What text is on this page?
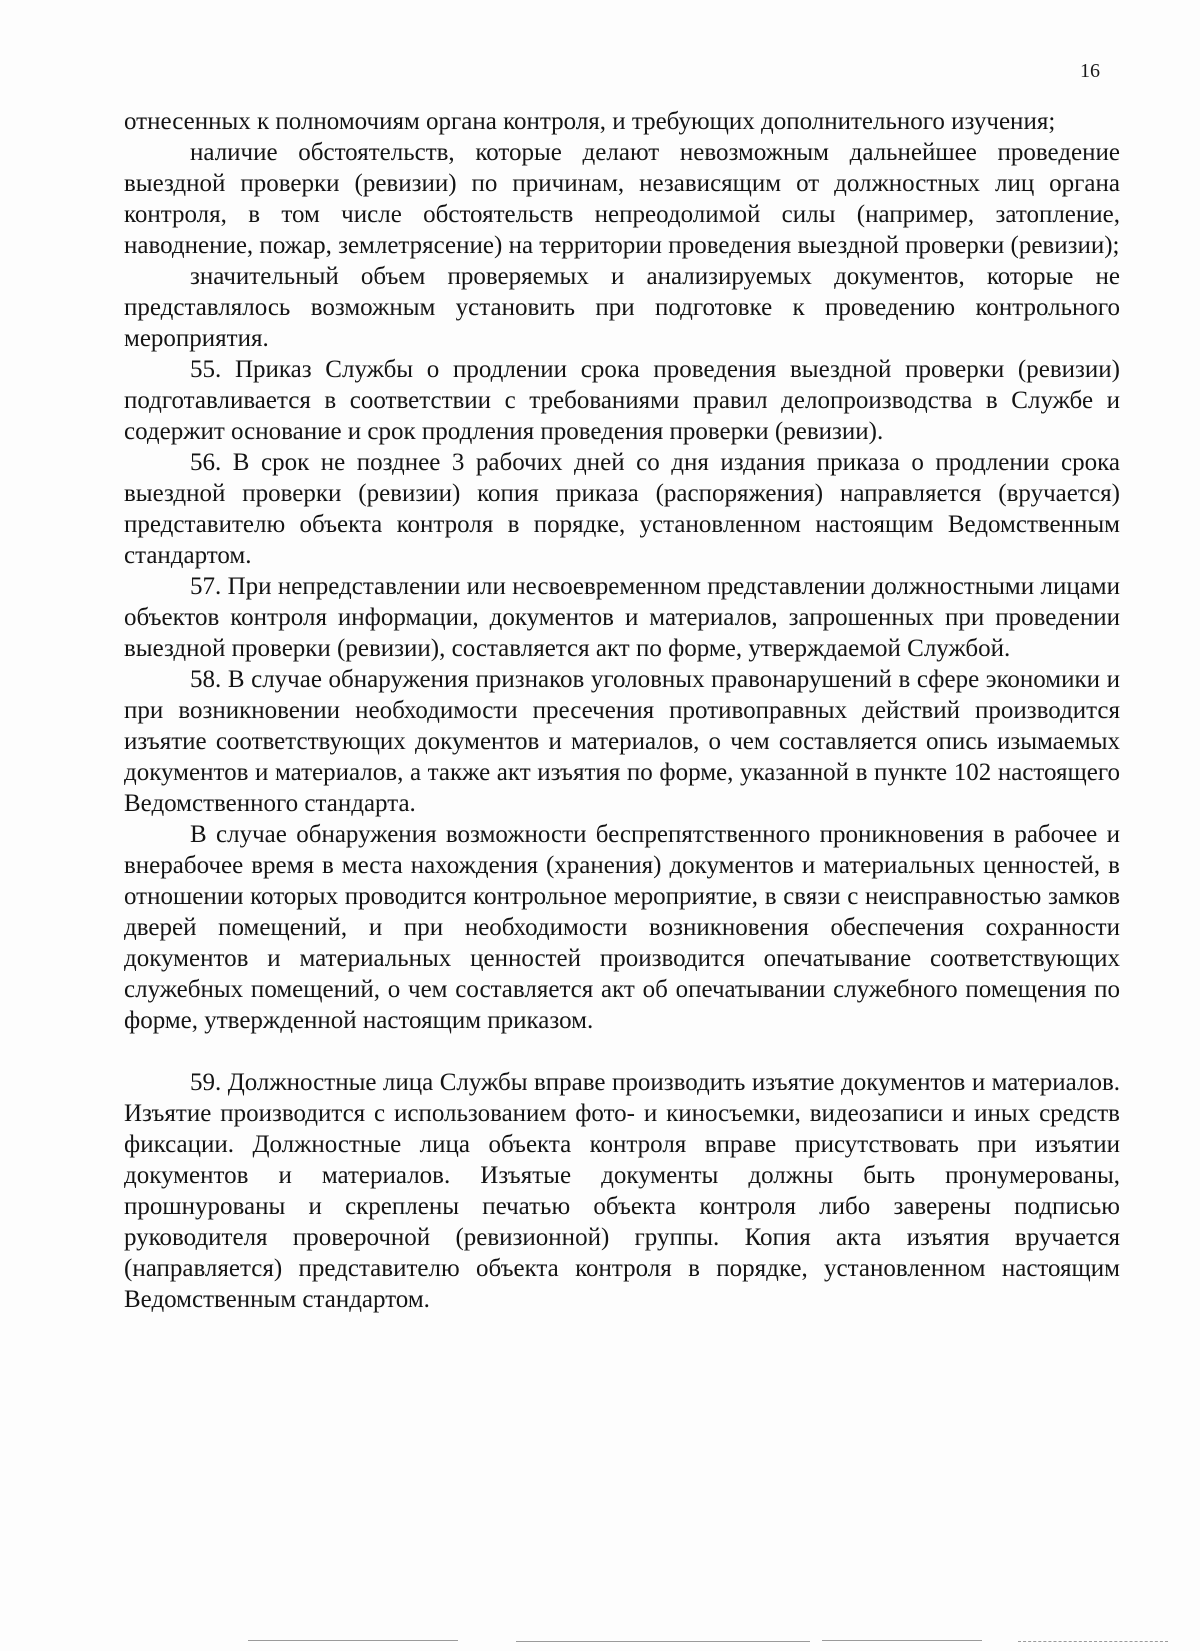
16

отнесенных к полномочиям органа контроля, и требующих дополнительного изучения;

наличие обстоятельств, которые делают невозможным дальнейшее проведение выездной проверки (ревизии) по причинам, независящим от должностных лиц органа контроля, в том числе обстоятельств непреодолимой силы (например, затопление, наводнение, пожар, землетрясение) на территории проведения выездной проверки (ревизии);

значительный объем проверяемых и анализируемых документов, которые не представлялось возможным установить при подготовке к проведению контрольного мероприятия.

55. Приказ Службы о продлении срока проведения выездной проверки (ревизии) подготавливается в соответствии с требованиями правил делопроизводства в Службе и содержит основание и срок продления проведения проверки (ревизии).

56. В срок не позднее 3 рабочих дней со дня издания приказа о продлении срока выездной проверки (ревизии) копия приказа (распоряжения) направляется (вручается) представителю объекта контроля в порядке, установленном настоящим Ведомственным стандартом.

57. При непредставлении или несвоевременном представлении должностными лицами объектов контроля информации, документов и материалов, запрошенных при проведении выездной проверки (ревизии), составляется акт по форме, утверждаемой Службой.

58. В случае обнаружения признаков уголовных правонарушений в сфере экономики и при возникновении необходимости пресечения противоправных действий производится изъятие соответствующих документов и материалов, о чем составляется опись изымаемых документов и материалов, а также акт изъятия по форме, указанной в пункте 102 настоящего Ведомственного стандарта.

В случае обнаружения возможности беспрепятственного проникновения в рабочее и внерабочее время в места нахождения (хранения) документов и материальных ценностей, в отношении которых проводится контрольное мероприятие, в связи с неисправностью замков дверей помещений, и при необходимости возникновения обеспечения сохранности документов и материальных ценностей производится опечатывание соответствующих служебных помещений, о чем составляется акт об опечатывании служебного помещения по форме, утвержденной настоящим приказом.

59. Должностные лица Службы вправе производить изъятие документов и материалов. Изъятие производится с использованием фото- и киносъемки, видеозаписи и иных средств фиксации. Должностные лица объекта контроля вправе присутствовать при изъятии документов и материалов. Изъятые документы должны быть пронумерованы, прошнурованы и скреплены печатью объекта контроля либо заверены подписью руководителя проверочной (ревизионной) группы. Копия акта изъятия вручается (направляется) представителю объекта контроля в порядке, установленном настоящим Ведомственным стандартом.
